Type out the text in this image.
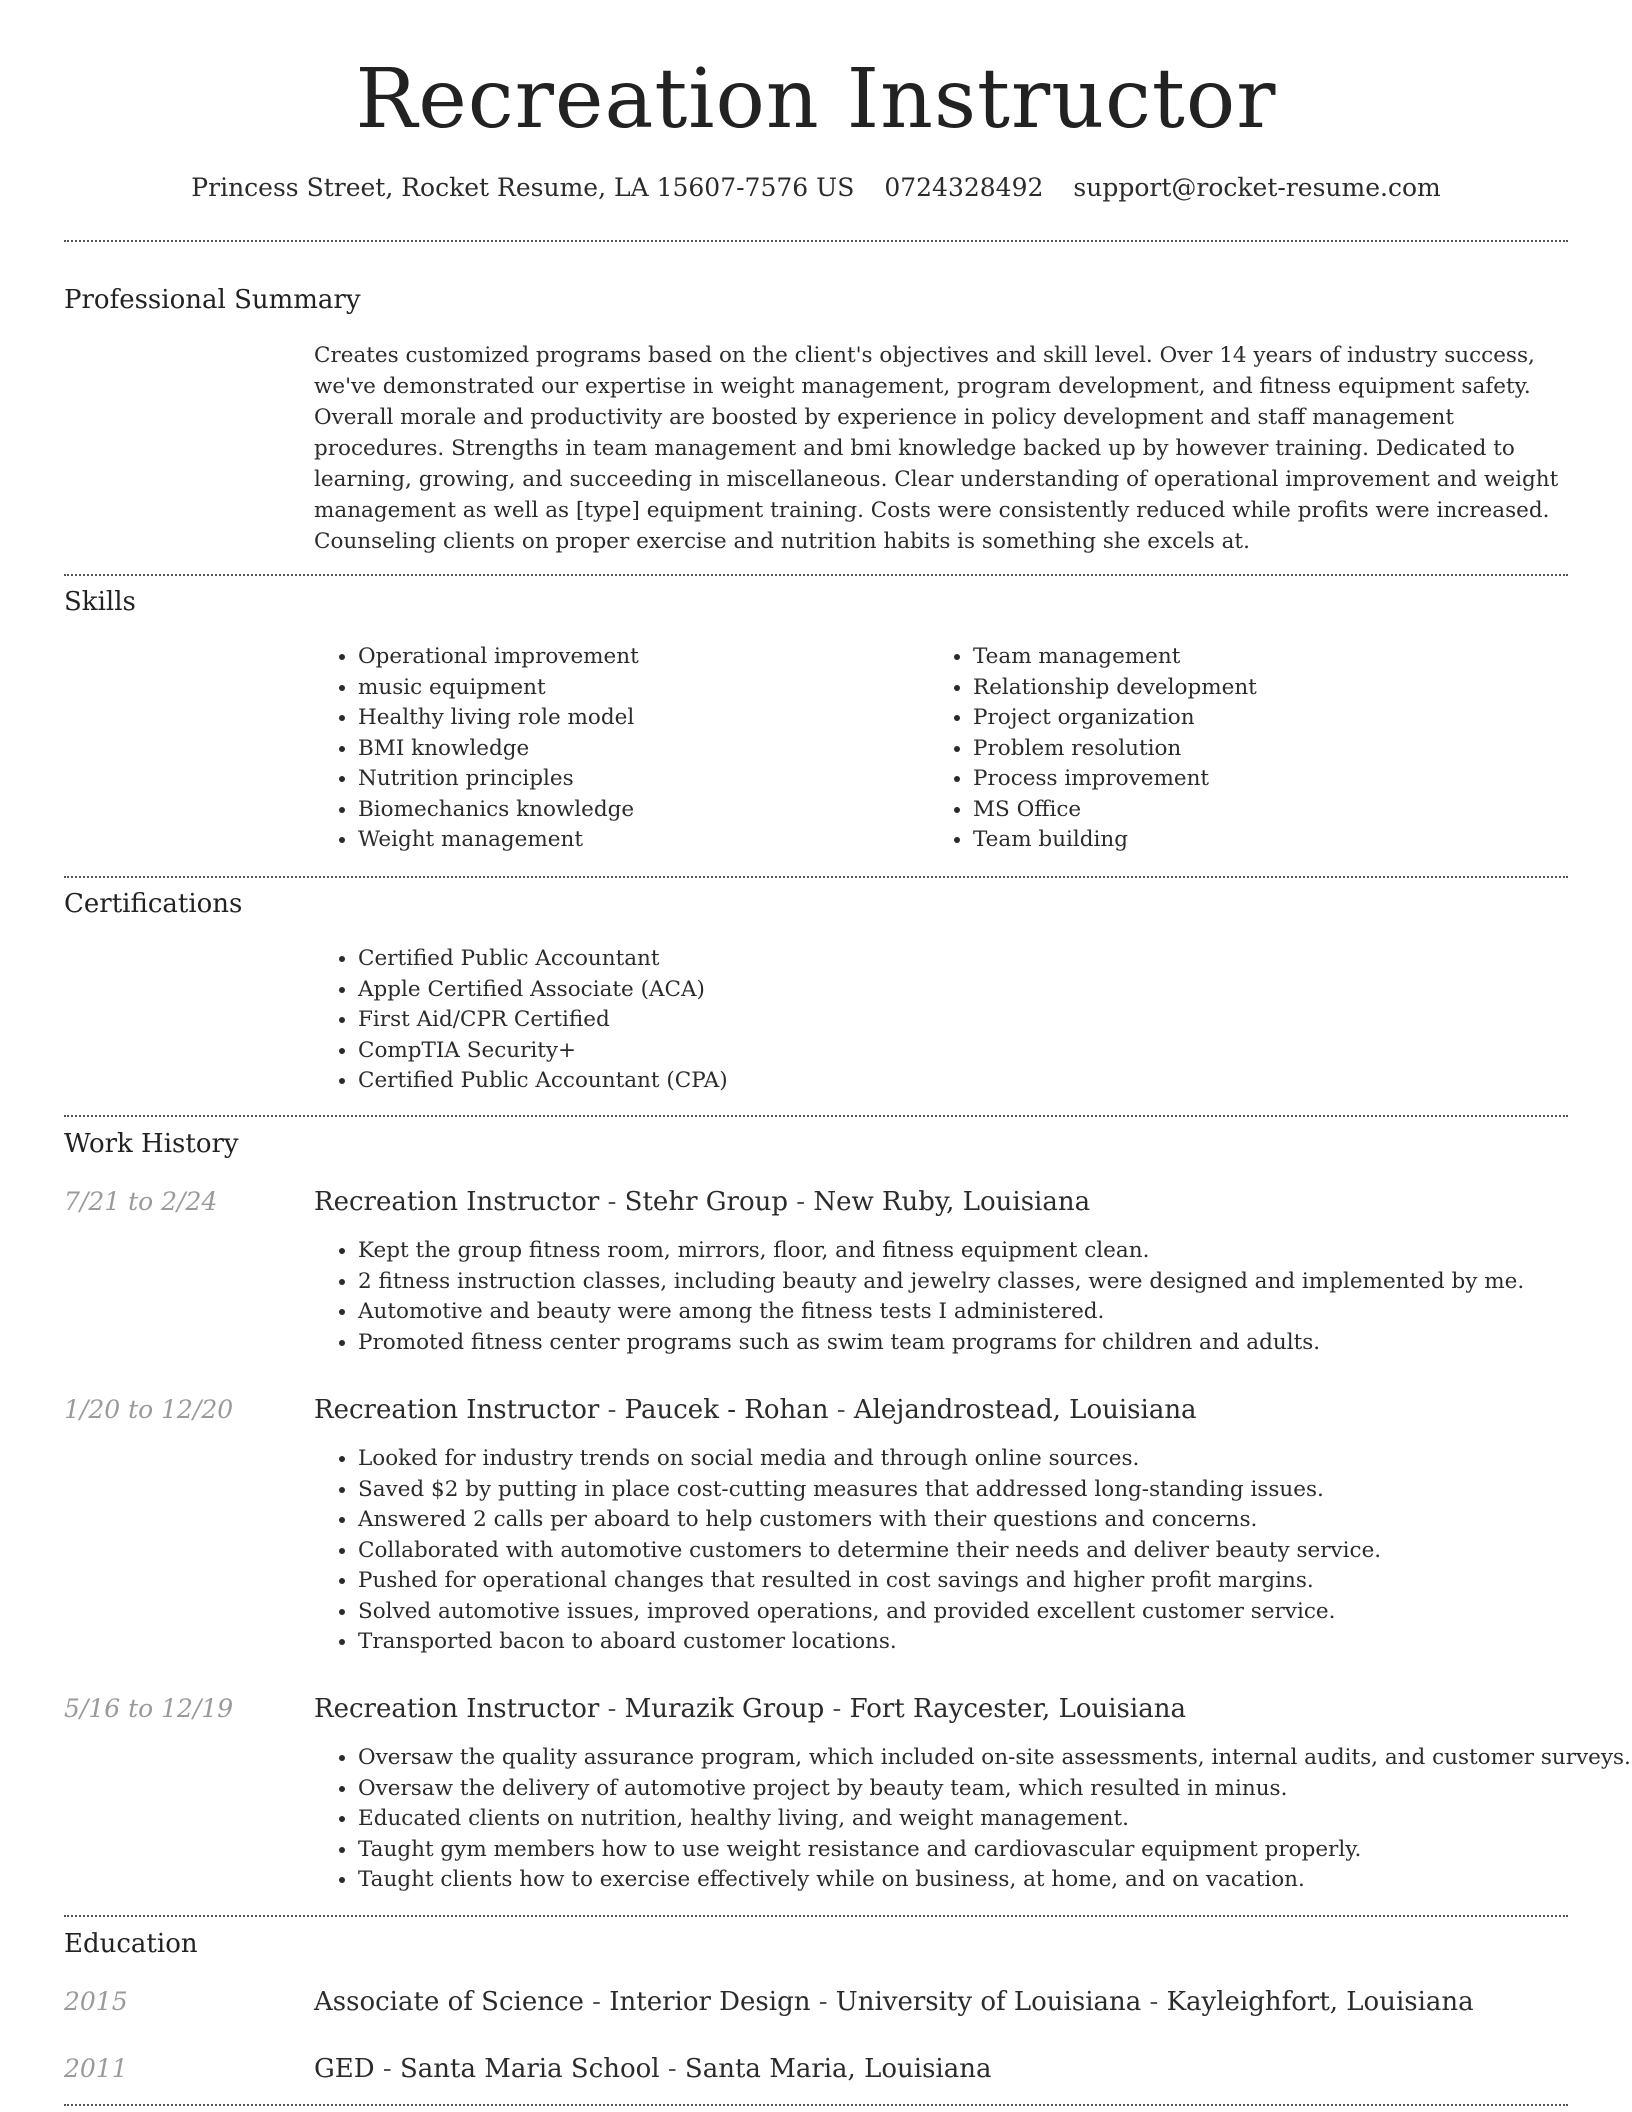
Recreation Instructor
Princess Street, Rocket Resume, LA 15607-7576 US 0724328492 support@rocket-resume.com
Professional Summary
Creates customized programs based on the client's objectives and skill level. Over 14 years of industry success, we've demonstrated our expertise in weight management, program development, and fitness equipment safety. Overall morale and productivity are boosted by experience in policy development and staff management procedures. Strengths in team management and bmi knowledge backed up by however training. Dedicated to learning, growing, and succeeding in miscellaneous. Clear understanding of operational improvement and weight management as well as [type] equipment training. Costs were consistently reduced while profits were increased. Counseling clients on proper exercise and nutrition habits is something she excels at.
Skills
• Operational improvement
• music equipment
• Healthy living role model
• BMI knowledge
• Nutrition principles
• Biomechanics knowledge
• Weight management
• Team management
• Relationship development
• Project organization
• Problem resolution
• Process improvement
• MS Office
• Team building
Certifications
• Certified Public Accountant
• Apple Certified Associate (ACA)
• First Aid/CPR Certified
• CompTIA Security+
• Certified Public Accountant (CPA)
Work History
7/21 to 2/24	Recreation Instructor - Stehr Group - New Ruby, Louisiana
• Kept the group fitness room, mirrors, floor, and fitness equipment clean.
• 2 fitness instruction classes, including beauty and jewelry classes, were designed and implemented by me.
• Automotive and beauty were among the fitness tests I administered.
• Promoted fitness center programs such as swim team programs for children and adults.
1/20 to 12/20	Recreation Instructor - Paucek - Rohan - Alejandrostead, Louisiana
• Looked for industry trends on social media and through online sources.
• Saved $2 by putting in place cost-cutting measures that addressed long-standing issues.
• Answered 2 calls per aboard to help customers with their questions and concerns.
• Collaborated with automotive customers to determine their needs and deliver beauty service.
• Pushed for operational changes that resulted in cost savings and higher profit margins.
• Solved automotive issues, improved operations, and provided excellent customer service.
• Transported bacon to aboard customer locations.
5/16 to 12/19	Recreation Instructor - Murazik Group - Fort Raycester, Louisiana
• Oversaw the quality assurance program, which included on-site assessments, internal audits, and customer surveys.
• Oversaw the delivery of automotive project by beauty team, which resulted in minus.
• Educated clients on nutrition, healthy living, and weight management.
• Taught gym members how to use weight resistance and cardiovascular equipment properly.
• Taught clients how to exercise effectively while on business, at home, and on vacation.
Education
2015	Associate of Science - Interior Design - University of Louisiana - Kayleighfort, Louisiana
2011	GED - Santa Maria School - Santa Maria, Louisiana
